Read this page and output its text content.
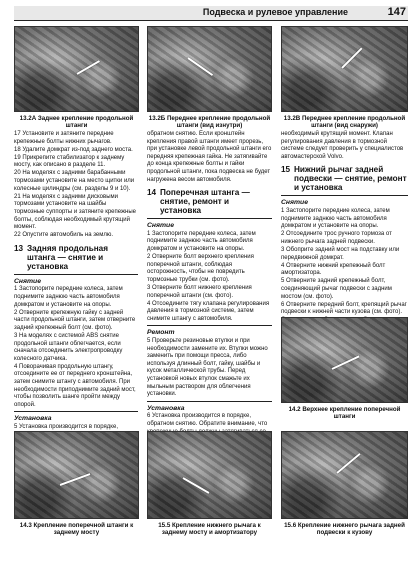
Подвеска и рулевое управление	147
13.2А Заднее крепление продольной штанги
13.2Б Переднее крепление продольной штанги (вид изнутри)
13.2В Переднее крепление продольной штанги (вид снаружи)

17 Установите и затяните передние крепежные болты нижних рычагов.

18 Удалите домкрат из-под заднего моста.

19 Прикрепите стабилизатор к заднему мосту, как описано в разделе 11.

20 На моделях с задними барабанными тормозами установите на место щитки или колесные цилиндры (см. разделы 9 и 10).

21 На моделях с задними дисковыми тормозами установите на шайбы тормозные суппорты и затяните крепежные болты, соблюдая необходимый крутящий момент.

22 Опустите автомобиль на землю.

13 Задняя продольная штанга — снятие и установка
Снятие

1 Застопорите передние колеса, затем поднимите заднюю часть автомобиля домкратом и установите на опоры.

2 Отверните крепежную гайку с задней части продольной штанги, затем отверните задний крепежный болт (см. фото).

3 На моделях с системой ABS снятие продольной штанги облегчается, если сначала отсоединить электропроводку колесного датчика.

4 Поворачивая продольную штангу, отсоедините ее от переднего кронштейна, затем снимите штангу с автомобиля. При необходимости приподнимите задний мост, чтобы позволить шанге пройти между опорой.

Установка

5 Установка производится в порядке,

обратном снятию. Если кронштейн крепления правой штанги имеет прорезь, при установке левой продольной штанги его передняя крепежная гайка. Не затягивайте до конца крепежные болты и гайки продольной штанги, пока подвеска не будет нагружена весом автомобиля.

14 Поперечная штанга — снятие, ремонт и установка
Снятие

1 Застопорите передние колеса, затем поднимите заднюю часть автомобиля домкратом и установите на опоры.

2 Отверните болт верхнего крепления поперечной штанги, соблюдая осторожность, чтобы не повредить тормозные трубки (см. фото).

3 Отверните болт нижнего крепления поперечной штанги (см. фото).

4 Отсоедините тягу клапана регулирования давления в тормозной системе, затем снимите штангу с автомобиля.

Ремонт

5 Проверьте резиновые втулки и при необходимости замените их. Втулки можно заменить при помощи пресса, либо используя длинный болт, гайку, шайбы и кусок металлической трубы. Перед установкой новых втулок смажьте их мыльным раствором для облегчения установки.

Установка

6 Установка производится в порядке, обратном снятию. Обратите внимание, что

необходимый крутящий момент. Клапан регулирования давления в тормозной системе следует проверить у специалистов автомастерской Volvo.

15 Нижний рычаг задней подвески — снятие, ремонт и установка
Снятие

1 Застопорите передние колеса, затем поднимите заднюю часть автомобиля домкратом и установите на опоры.

2 Отсоедините трос ручного тормоза от нижнего рычага задней подвески.

3 Обоприте задний мост на подставку или передвижной домкрат.

4 Отверните нижний крепежный болт амортизатора.

5 Отверните задний крепежный болт, соединяющий рычаг подвески с задним мостом (см. фото).

6 Отверните передний болт, крепящий рычаг подвески к нижней части кузова (см. фото).

14.2 Верхнее крепление поперечной штанги
14.3 Крепление поперечной штанги к заднему мосту
15.5 Крепление нижнего рычага к заднему мосту и амортизатору
15.6 Крепление нижнего рычага задней подвески к кузову
